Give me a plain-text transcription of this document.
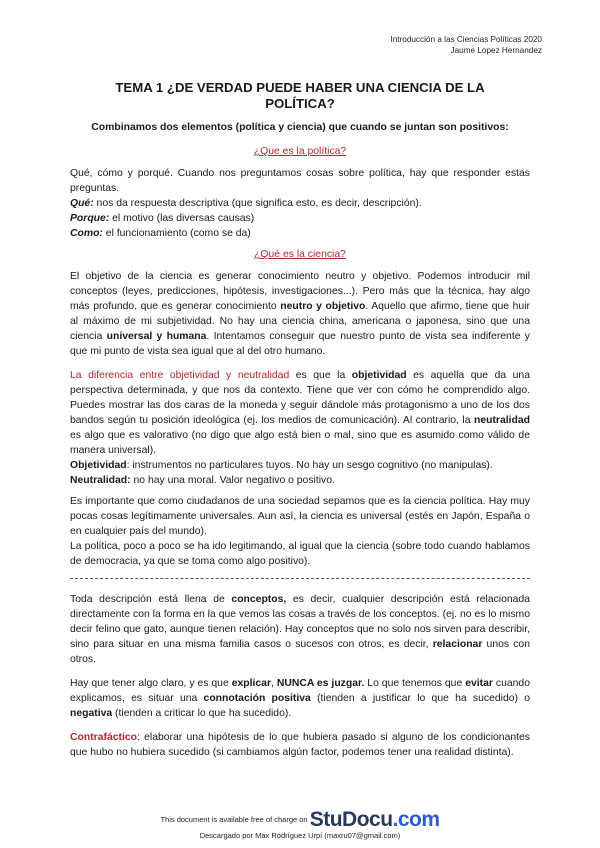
Introducción a las Ciencias Políticas 2020
Jaume Lopez Hernandez
TEMA 1 ¿DE VERDAD PUEDE HABER UNA CIENCIA DE LA POLÍTICA?
Combinamos dos elementos (política y ciencia) que cuando se juntan son positivos:
¿Que es la política?

Qué, cómo y porqué. Cuando nos preguntamos cosas sobre política, hay que responder estas preguntas.

Qué: nos da respuesta descriptiva (que significa esto, es decir, descripción).

Porque: el motivo (las diversas causas)

Como: el funcionamiento (como se da)

¿Qué es la ciencia?

El objetivo de la ciencia es generar conocimiento neutro y objetivo. Podemos introducir mil conceptos (leyes, predicciones, hipótesis, investigaciones...). Pero más que la técnica, hay algo más profundo, que es generar conocimiento neutro y objetivo. Aquello que afirmo, tiene que huir al máximo de mi subjetividad. No hay una ciencia china, americana o japonesa, sino que una ciencia universal y humana. Intentamos conseguir que nuestro punto de vista sea indiferente y que mi punto de vista sea igual que al del otro humano.

La diferencia entre objetividad y neutralidad es que la objetividad es aquella que da una perspectiva determinada, y que nos da contexto. Tiene que ver con cómo he comprendido algo. Puedes mostrar las dos caras de la moneda y seguir dándole más protagonismo a uno de los dos bandos según tu posición ideológica (ej. los medios de comunicación). Al contrario, la neutralidad es algo que es valorativo (no digo que algo está bien o mal, sino que es asumido como válido de manera universal).

Objetividad: instrumentos no particulares tuyos. No hay un sesgo cognitivo (no manipulas).

Neutralidad: no hay una moral. Valor negativo o positivo.

Es importante que como ciudadanos de una sociedad sepamos que es la ciencia política. Hay muy pocas cosas legítimamente universales. Aun así, la ciencia es universal (estés en Japón, España o en cualquier país del mundo).

La política, poco a poco se ha ido legitimando, al igual que la ciencia (sobre todo cuando hablamos de democracia, ya que se toma como algo positivo).

Toda descripción está llena de conceptos, es decir, cualquier descripción está relacionada directamente con la forma en la que vemos las cosas a través de los conceptos. (ej. no es lo mismo decir felino que gato, aunque tienen relación). Hay conceptos que no solo nos sirven para describir, sino para situar en una misma familia casos o sucesos con otros, es decir, relacionar unos con otros.

Hay que tener algo claro, y es que explicar, NUNCA es juzgar. Lo que tenemos que evitar cuando explicamos, es situar una connotación positiva (tienden a justificar lo que ha sucedido) o negativa (tienden a criticar lo que ha sucedido).

Contrafáctico: elaborar una hipótesis de lo que hubiera pasado si alguno de los condicionantes que hubo no hubiera sucedido (si cambiamos algún factor, podemos tener una realidad distinta).

This document is available free of charge on StuDocu.com
Descargado por Max Rodríguez Urpí (maxru07@gmail.com)
